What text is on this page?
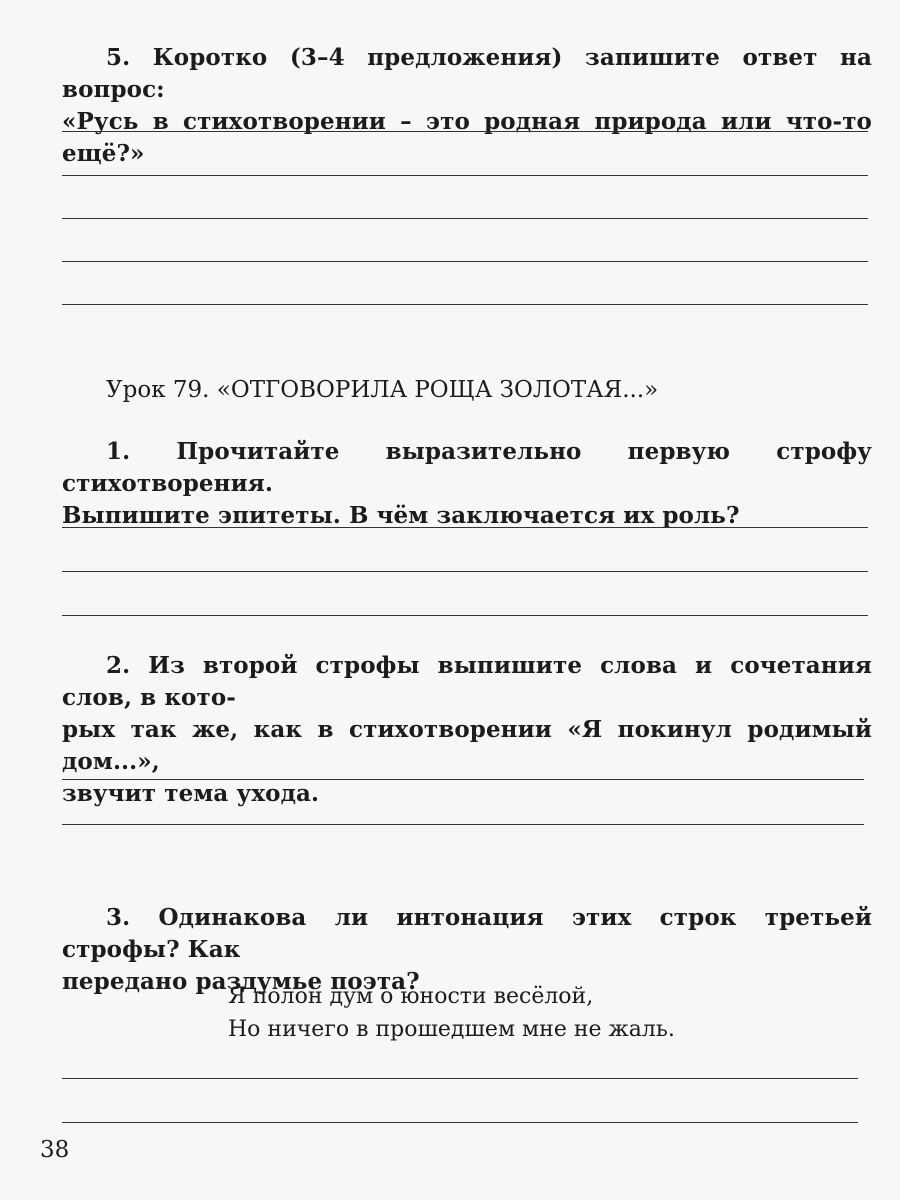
5. Коротко (3–4 предложения) запишите ответ на вопрос:
«Русь в стихотворении – это родная природа или что-то ещё?»
Урок 79. «ОТГОВОРИЛА РОЩА ЗОЛОТАЯ...»
1. Прочитайте выразительно первую строфу стихотворения.
Выпишите эпитеты. В чём заключается их роль?
2. Из второй строфы выпишите слова и сочетания слов, в кото-
рых так же, как в стихотворении «Я покинул родимый дом...»,
звучит тема ухода.
3. Одинакова ли интонация этих строк третьей строфы? Как
передано раздумье поэта?
Я полон дум о юности весёлой,
Но ничего в прошедшем мне не жаль.
38
